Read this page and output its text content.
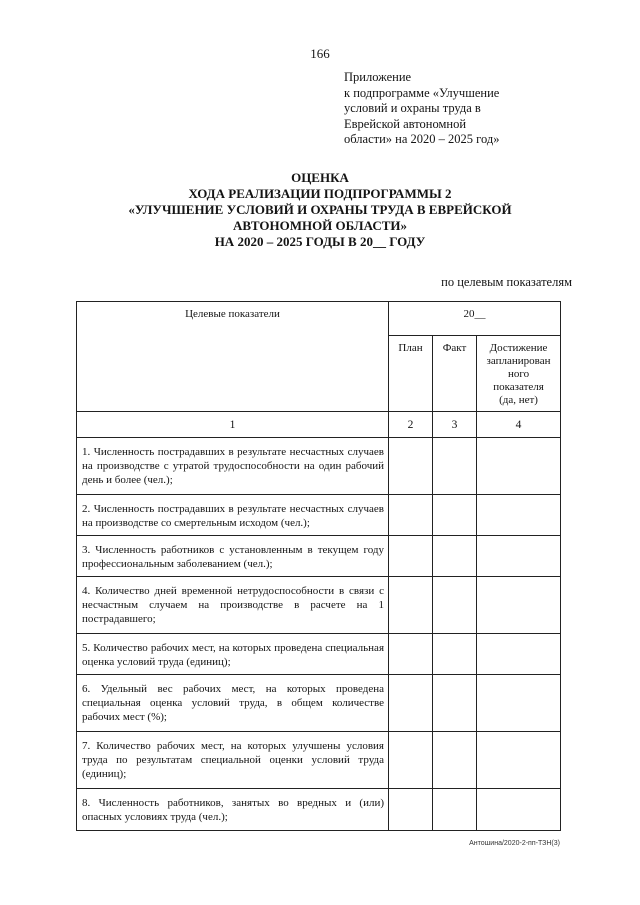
166
Приложение
к подпрограмме «Улучшение
условий и охраны труда в
Еврейской автономной
области» на 2020 – 2025 год»
ОЦЕНКА
ХОДА РЕАЛИЗАЦИИ ПОДПРОГРАММЫ 2
«УЛУЧШЕНИЕ УСЛОВИЙ И ОХРАНЫ ТРУДА В ЕВРЕЙСКОЙ
АВТОНОМНОЙ ОБЛАСТИ»
НА 2020 – 2025 ГОДЫ В 20__ ГОДУ
по целевым показателям
Целевые показатели	20__		
	План	Факт	Достижение
запланирован
ного
показателя
(да, нет)

1	2	3	4
1. Численность пострадавших в результате несчастных случаев на производстве с утратой трудоспособности на один рабочий день и более (чел.);			
2. Численность пострадавших в результате несчастных случаев на производстве со смертельным исходом (чел.);			
3. Численность работников с установленным в текущем году профессиональным заболеванием (чел.);			
4. Количество дней временной нетрудоспособности в связи с несчастным случаем на производстве в расчете на 1 пострадавшего;			
5. Количество рабочих мест, на которых проведена специальная оценка условий труда (единиц);			
6. Удельный вес рабочих мест, на которых проведена специальная оценка условий труда, в общем количестве рабочих мест (%);			
7. Количество рабочих мест, на которых улучшены условия труда по результатам специальной оценки условий труда (единиц);			
8. Численность работников, занятых во вредных и (или) опасных условиях труда (чел.);			
Антошина/2020-2-пп-ТЗН(3)
